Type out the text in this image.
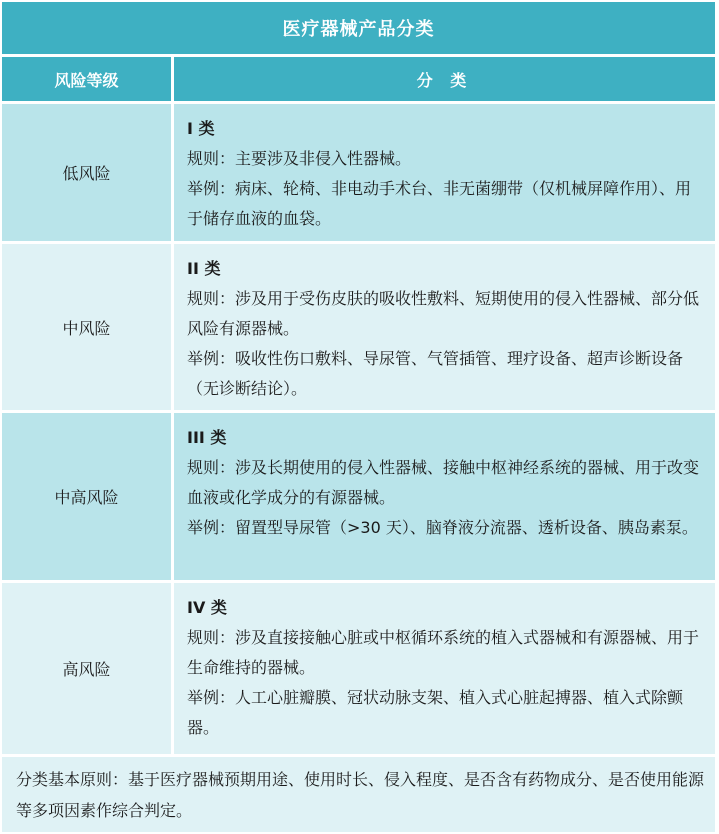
医疗器械产品分类
风险等级	分 类
低风险
I 类
规则：主要涉及非侵入性器械。
举例：病床、轮椅、非电动手术台、非无菌绷带（仅机械屏障作用）、用于储存血液的血袋。
中风险
II 类
规则：涉及用于受伤皮肤的吸收性敷料、短期使用的侵入性器械、部分低风险有源器械。
举例：吸收性伤口敷料、导尿管、气管插管、理疗设备、超声诊断设备（无诊断结论）。
中高风险
III 类
规则：涉及长期使用的侵入性器械、接触中枢神经系统的器械、用于改变血液或化学成分的有源器械。
举例：留置型导尿管（>30 天）、脑脊液分流器、透析设备、胰岛素泵。
高风险
IV 类
规则：涉及直接接触心脏或中枢循环系统的植入式器械和有源器械、用于生命维持的器械。
举例：人工心脏瓣膜、冠状动脉支架、植入式心脏起搏器、植入式除颤器。
分类基本原则：基于医疗器械预期用途、使用时长、侵入程度、是否含有药物成分、是否使用能源等多项因素作综合判定。
